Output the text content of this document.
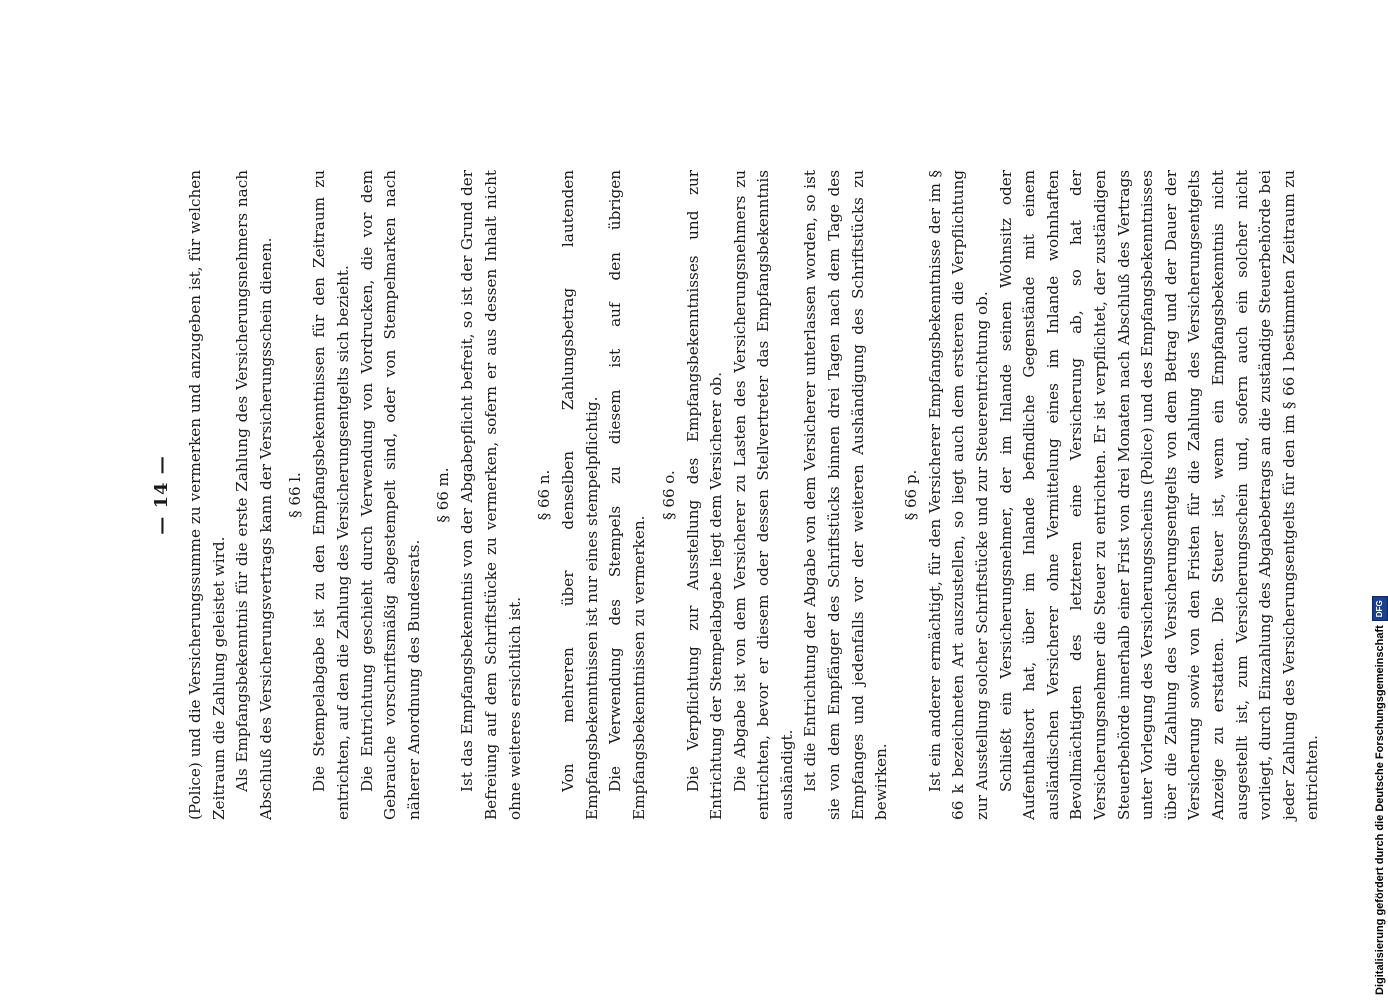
— 14 — (Police) und die Versicherungssumme zu vermerken und anzugeben ist, für welchen Zeitraum die Zahlung geleistet wird. Als Empfangsbekenntnis für die erste Zahlung des Versicherungsnehmers nach Abschluß des Versicherungsvertrags kann der Versicherungsschein dienen. § 66 l. Die Stempelabgabe ist zu den Empfangsbekenntnissen für den Zeitraum zu entrichten, auf den die Zahlung des Versicherungsentgelts sich bezieht. Die Entrichtung geschieht durch Verwendung von Vordrucken, die vor dem Gebrauche vorschriftsmäßig abgestempelt sind, oder von Stempelmarken nach näherer Anordnung des Bundesrats.

§ 66 m. Ist das Empfangsbekenntnis von der Abgabepflicht befreit, so ist der Grund der Befreiung auf dem Schriftstücke zu vermerken, sofern er aus dessen Inhalt nicht ohne weiteres ersichtlich ist.

§ 66 n. Von mehreren über denselben Zahlungsbetrag lautenden Empfangsbekenntnissen ist nur eines stempelpflichtig. Die Verwendung des Stempels zu diesem ist auf den übrigen Empfangsbekenntnissen zu vermerken.

§ 66 o. Die Verpflichtung zur Ausstellung des Empfangsbekenntnisses und zur Entrichtung der Stempelabgabe liegt dem Versicherer ob. Die Abgabe ist von dem Versicherer zu Lasten des Versicherungsnehmers zu entrichten, bevor er diesem oder dessen Stellvertreter das Empfangsbekenntnis aushändigt. Ist die Entrichtung der Abgabe von dem Versicherer unterlassen worden, so ist sie von dem Empfänger des Schriftstücks binnen drei Tagen nach dem Tage des Empfanges und jedenfalls vor der weiteren Aushändigung des Schriftstücks zu bewirken.

§ 66 p. Ist ein anderer ermächtigt, für den Versicherer Empfangsbekenntnisse der im § 66 k bezeichneten Art auszustellen, so liegt auch dem ersteren die Verpflichtung zur Ausstellung solcher Schriftstücke und zur Steuerentrichtung ob. Schließt ein Versicherungsnehmer, der im Inlande seinen Wohnsitz oder Aufenthaltsort hat, über im Inlande befindliche Gegenstände mit einem ausländischen Versicherer ohne Vermittelung eines im Inlande wohnhaften Bevollmächtigten des letzteren eine Versicherung ab, so hat der Versicherungsnehmer die Steuer zu entrichten. Er ist verpflichtet, der zuständigen Steuerbehörde innerhalb einer Frist von drei Monaten nach Abschluß des Vertrags unter Vorlegung des Versicherungsscheins (Police) und des Empfangsbekenntnisses über die Zahlung des Versicherungsentgelts von dem Betrag und der Dauer der Versicherung sowie von den Fristen für die Zahlung des Versicherungsentgelts Anzeige zu erstatten. Die Steuer ist, wenn ein Empfangsbekenntnis nicht ausgestellt ist, zum Versicherungsschein und, sofern auch ein solcher nicht vorliegt, durch Einzahlung des Abgabebetrags an die zuständige Steuerbehörde bei jeder Zahlung des Versicherungsentgelts für den im § 66 l bestimmten Zeitraum zu entrichten.	Digitalisierung gefördert durch die Deutsche Forschungsgemeinschaft
DFG
